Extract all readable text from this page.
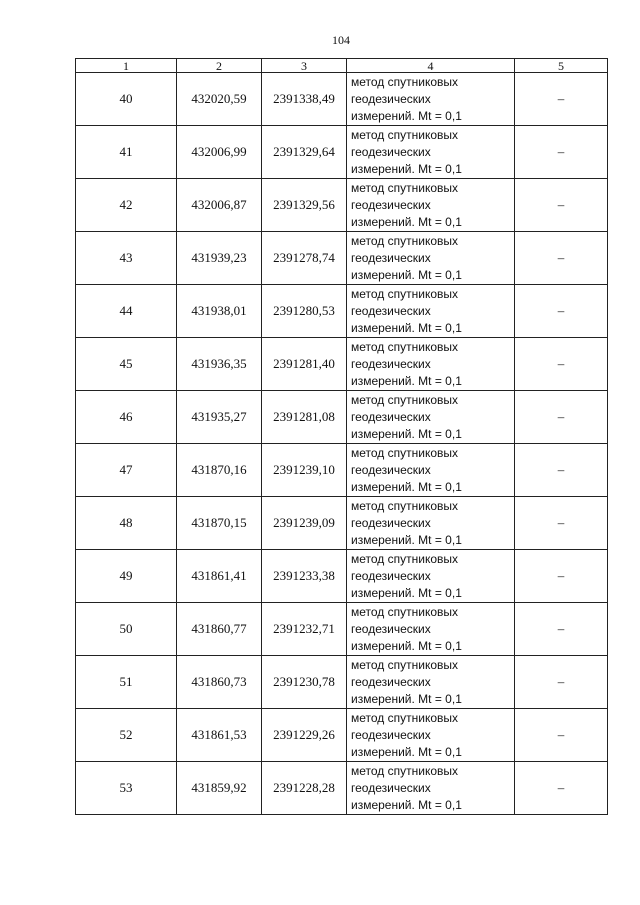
104
1	2	3	4	5
40	432020,59	2391338,49	метод спутниковых
геодезических
измерений. Mt = 0,1	–
41	432006,99	2391329,64	метод спутниковых
геодезических
измерений. Mt = 0,1	–
42	432006,87	2391329,56	метод спутниковых
геодезических
измерений. Mt = 0,1	–
43	431939,23	2391278,74	метод спутниковых
геодезических
измерений. Mt = 0,1	–
44	431938,01	2391280,53	метод спутниковых
геодезических
измерений. Mt = 0,1	–
45	431936,35	2391281,40	метод спутниковых
геодезических
измерений. Mt = 0,1	–
46	431935,27	2391281,08	метод спутниковых
геодезических
измерений. Mt = 0,1	–
47	431870,16	2391239,10	метод спутниковых
геодезических
измерений. Mt = 0,1	–
48	431870,15	2391239,09	метод спутниковых
геодезических
измерений. Mt = 0,1	–
49	431861,41	2391233,38	метод спутниковых
геодезических
измерений. Mt = 0,1	–
50	431860,77	2391232,71	метод спутниковых
геодезических
измерений. Mt = 0,1	–
51	431860,73	2391230,78	метод спутниковых
геодезических
измерений. Mt = 0,1	–
52	431861,53	2391229,26	метод спутниковых
геодезических
измерений. Mt = 0,1	–
53	431859,92	2391228,28	метод спутниковых
геодезических
измерений. Mt = 0,1	–
